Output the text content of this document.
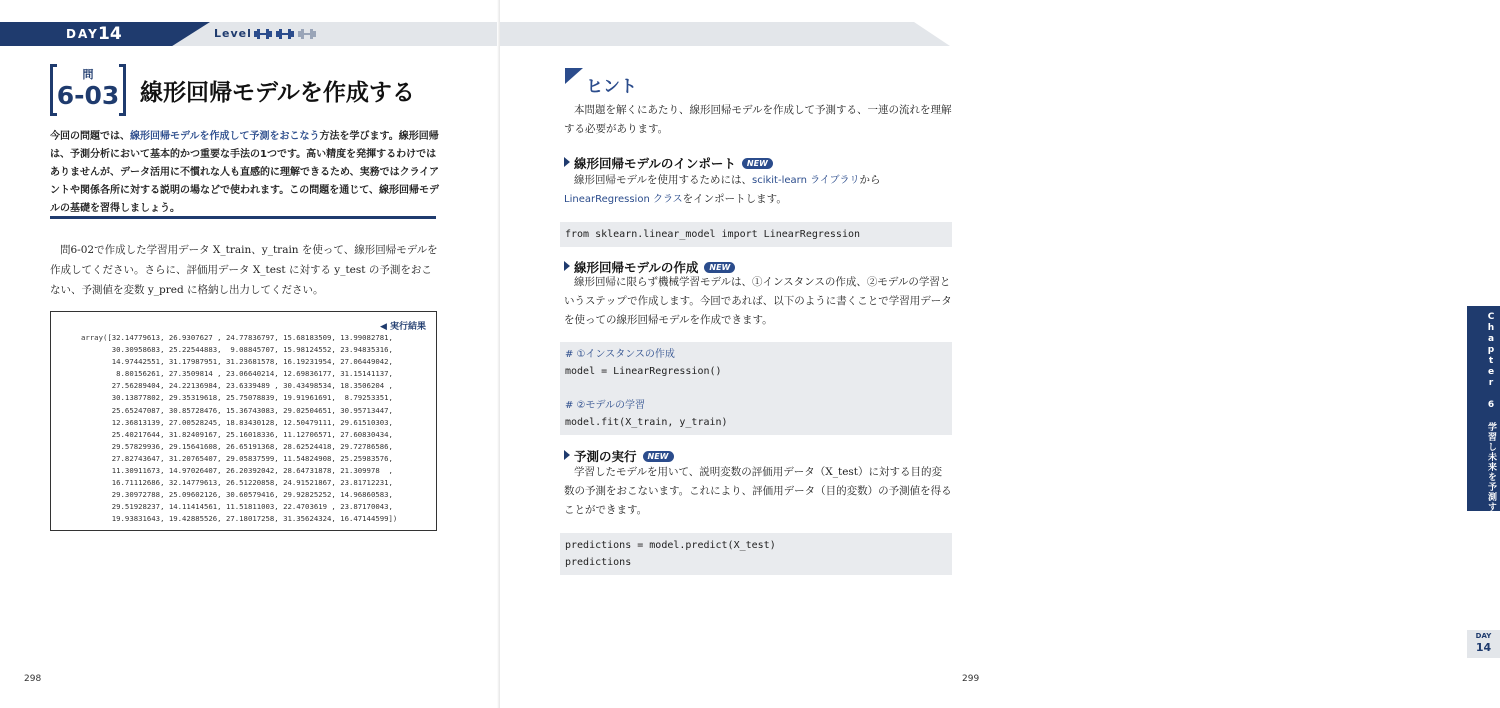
DAY 14	Level
問
6-03 線形回帰モデルを作成する

今回の問題では、線形回帰モデルを作成して予測をおこなう方法を学びます。線形回帰は、予測分析において基本的かつ重要な手法の1つです。高い精度を発揮するわけではありませんが、データ活用に不慣れな人も直感的に理解できるため、実務ではクライアントや関係各所に対する説明の場などで使われます。この問題を通じて、線形回帰モデルの基礎を習得しましょう。

問6-02で作成した学習用データ X_train、y_train を使って、線形回帰モデルを作成してください。さらに、評価用データ X_test に対する y_test の予測をおこない、予測値を変数 y_pred に格納し出力してください。

◀ 実行結果
array([32.14779613, 26.9307627 , 24.77836797, 15.68183509, 13.99082781,
30.30958683, 25.22544883,  9.08845707, 15.98124552, 23.94835316,
14.97442551, 31.17987951, 31.23681578, 16.19231954, 27.06449042,
8.80156261, 27.3509814 , 23.06640214, 12.69836177, 31.15141137,
27.56289404, 24.22136984, 23.6339489 , 30.43498534, 18.3506204 ,
30.13877802, 29.35319618, 25.75078839, 19.91961691,  8.79253351,
25.65247087, 30.85728476, 15.36743083, 29.02504651, 30.95713447,
12.36813139, 27.00528245, 18.83430128, 12.50479111, 29.61510303,
25.40217644, 31.82409167, 25.16018336, 11.12706571, 27.60830434,
29.57829936, 29.15641608, 26.65191368, 28.62524418, 29.72786586,
27.82743647, 31.20765407, 29.05837599, 11.54824908, 25.25983576,
11.30911673, 14.97026407, 26.20392042, 28.64731878, 21.309978  ,
16.71112686, 32.14779613, 26.51220858, 24.91521867, 23.81712231,
29.30972788, 25.09602126, 30.60579416, 29.92825252, 14.96860583,
29.51928237, 14.11414561, 11.51811003, 22.4703619 , 23.87170043,
19.93831643, 19.42885526, 27.18017258, 31.35624324, 16.47144599])
298
ヒント

本問題を解くにあたり、線形回帰モデルを作成して予測する、一連の流れを理解する必要があります。

線形回帰モデルのインポート NEW

線形回帰モデルを使用するためには、scikit-learn ライブラリからLinearRegression クラスをインポートします。

線形回帰モデルの作成 NEW

線形回帰に限らず機械学習モデルは、①インスタンスの作成、②モデルの学習というステップで作成します。今回であれば、以下のように書くことで学習用データを使っての線形回帰モデルを作成できます。

予測の実行 NEW

学習したモデルを用いて、説明変数の評価用データ（X_test）に対する目的変数の予測をおこないます。これにより、評価用データ（目的変数）の予測値を得ることができます。

Chapter 6 学習し未来を予測する「機械学習」20問
DAY
14
299
from sklearn.linear_model import LinearRegression
# ①インスタンスの作成
model = LinearRegression()

# ②モデルの学習
model.fit(X_train, y_train)
predictions = model.predict(X_test)
predictions
